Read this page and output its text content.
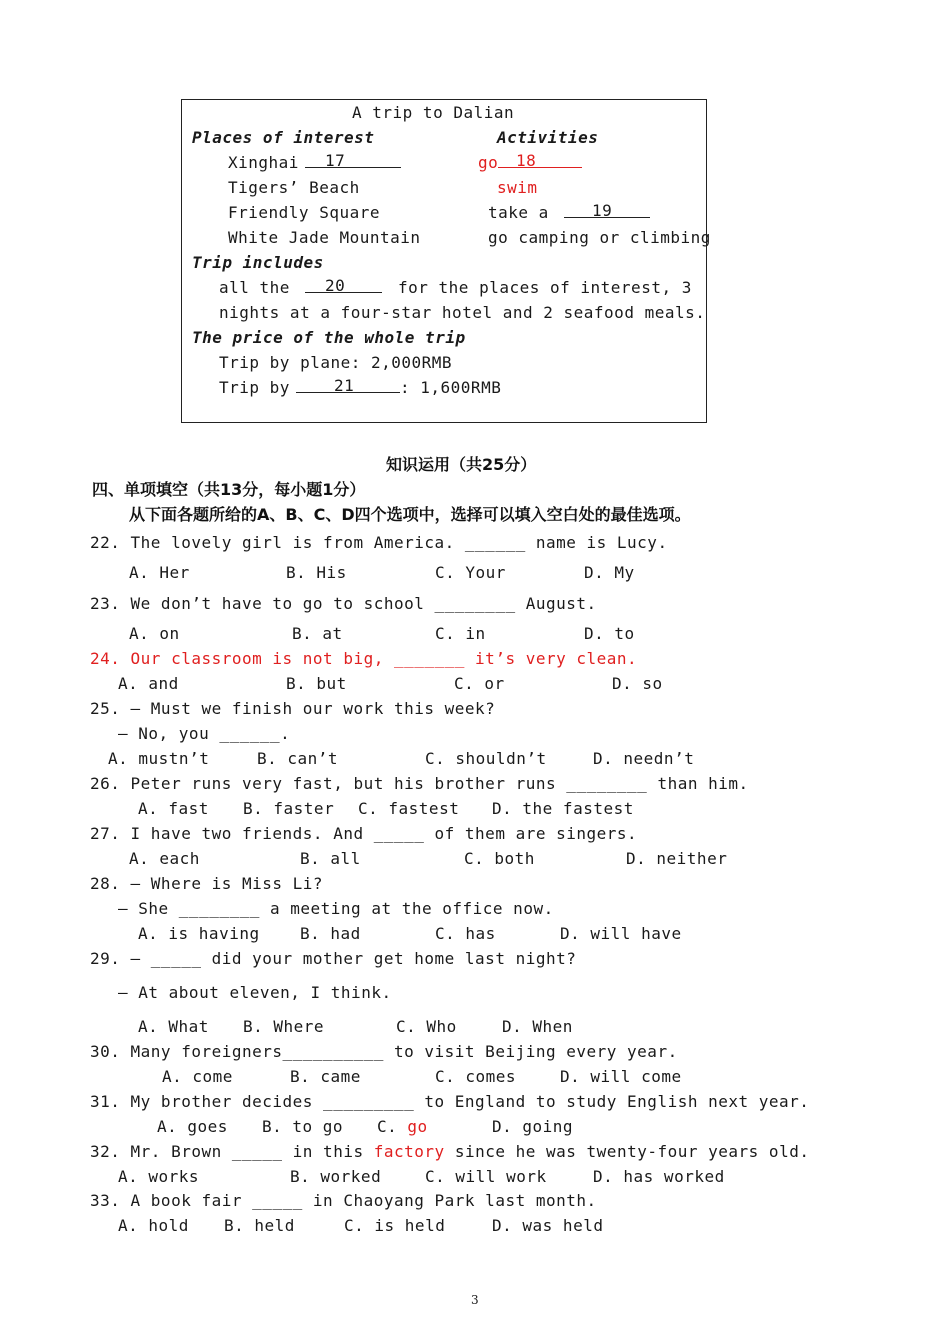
A trip to Dalian
Places of interest	Activities
Xinghai 17	go 18
Tigers’ Beach	swim
Friendly Square	take a	19
White Jade Mountain	go camping or climbing
Trip includes
all the 20	for the places of interest, 3
nights at a four-star hotel and 2 seafood meals.
The price of the whole trip
Trip by plane: 2,000RMB
Trip by	21	: 1,600RMB
知识运用（共25分）
四、单项填空（共13分，每小题1分）
从下面各题所给的A、B、C、D四个选项中，选择可以填入空白处的最佳选项。
22. The lovely girl is from America. ______ name is Lucy.
A. Her	B. His	C. Your	D. My
23. We don’t have to go to school ________ August.
A. on	B. at	C. in	D. to
24. Our classroom is not big, _______ it’s very clean.
A. and	B. but	C. or	D. so
25. — Must we finish our work this week?
— No, you ______.
A. mustn’t	B. can’t	C. shouldn’t	D. needn’t
26. Peter runs very fast, but his brother runs ________ than him.
A. fast B. faster C. fastest D. the fastest
27. I have two friends. And _____ of them are singers.
A. each	B. all	C. both	D. neither
28. — Where is Miss Li?
— She ________ a meeting at the office now.
A. is having	B. had	C. has	D. will have
29. — _____ did your mother get home last night?
— At about eleven, I think.
A. What B. Where	C. Who	D. When
30. Many foreigners__________ to visit Beijing every year.
A. come	B. came	C. comes	D. will come
31. My brother decides _________ to England to study English next year.
A. goes B. to go C. go	D. going
32. Mr. Brown _____ in this factory since he was twenty-four years old.
A. works	B. worked	C. will work	D. has worked
33. A book fair _____ in Chaoyang Park last month.
A. hold B. held	C. is held	D. was held
3
